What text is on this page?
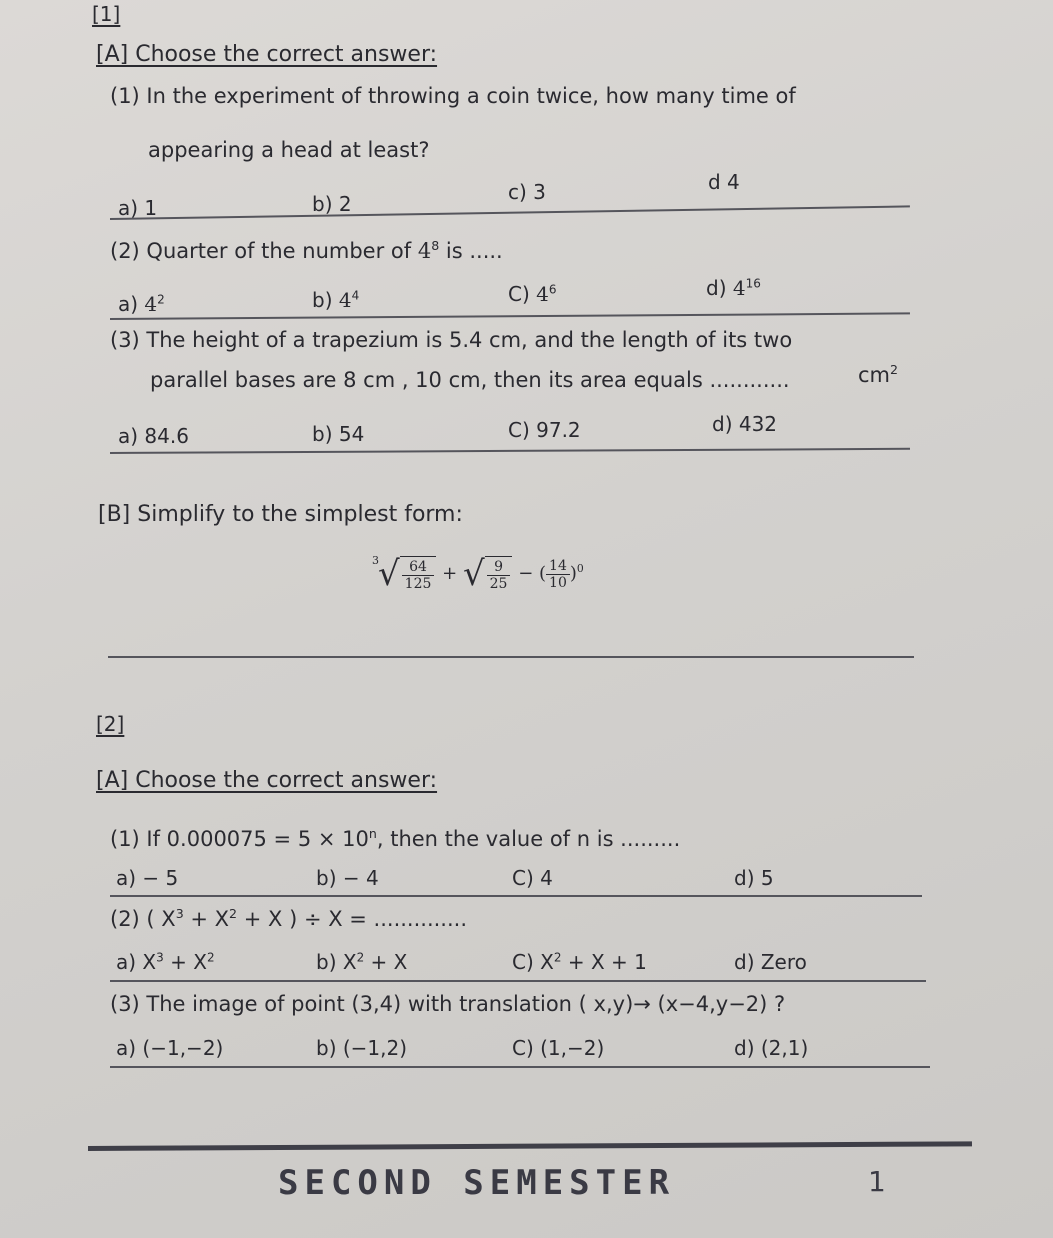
[1]
[A] Choose the correct answer:
(1) In the experiment of throwing a coin twice, how many time of
appearing a head at least?
a) 1	b) 2	c) 3	d 4
(2) Quarter of the number of $4^8$ is .....
a) $4^2$	b) $4^4$	C) $4^6$	d) $4^{16}$
(3) The height of a trapezium is 5.4 cm, and the length of its two
parallel bases are 8 cm , 10 cm, then its area equals ............	$cm^2$
a) 84.6	b) 54	C) 97.2	d) 432
[B] Simplify to the simplest form:
3 √ $\frac{64}{125}$ + √ $\frac{9}{25}$ − ( $\frac{14}{10} )^0$
[2]
[A] Choose the correct answer:
(1) If $0.000075 = 5 \times 10^n$, then the value of n is .........
a) − 5	b) − 4	C) 4	d) 5
(2) ( $X^3 + X^2 + X$ ) ÷ X = ..............
a) $X^3 + X^2$	b) $X^2 + X$	C) $X^2 + X + 1$	d) Zero
(3) The image of point (3,4) with translation ( x,y)→ (x−4,y−2) ?
a) (−1,−2)	b) (−1,2)	C) (1,−2)	d) (2,1)
SECOND SEMESTER	1
